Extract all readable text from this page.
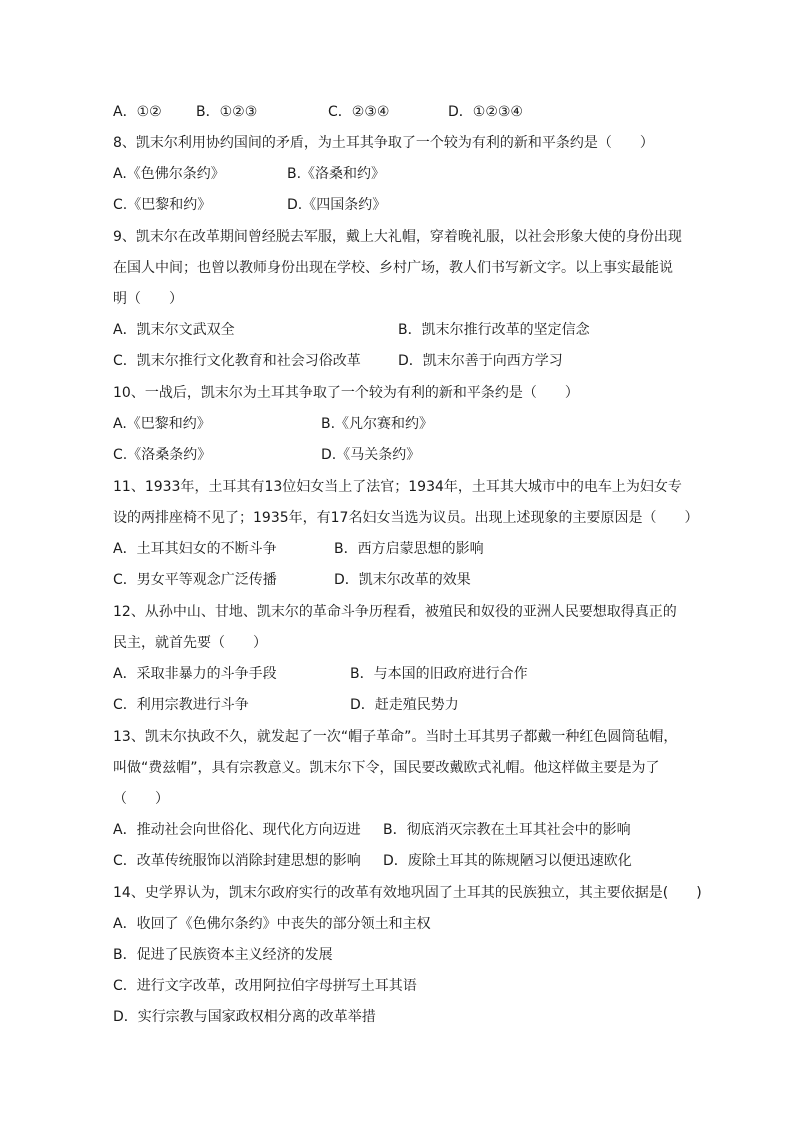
A．①② B．①②③	C．②③④	D．①②③④
8、凯末尔利用协约国间的矛盾，为土耳其争取了一个较为有利的新和平条约是（　　）
A.《色佛尔条约》	B.《洛桑和约》
C.《巴黎和约》	D.《四国条约》
9、凯末尔在改革期间曾经脱去军服，戴上大礼帽，穿着晚礼服，以社会形象大使的身份出现
在国人中间；也曾以教师身份出现在学校、乡村广场，教人们书写新文字。以上事实最能说
明（　　）
A．凯末尔文武双全	B．凯末尔推行改革的坚定信念
C．凯末尔推行文化教育和社会习俗改革	D．凯末尔善于向西方学习
10、一战后，凯末尔为土耳其争取了一个较为有利的新和平条约是（　　）
A.《巴黎和约》	B.《凡尔赛和约》
C.《洛桑条约》	D.《马关条约》
11、1933年，土耳其有13位妇女当上了法官；1934年，土耳其大城市中的电车上为妇女专
设的两排座椅不见了；1935年，有17名妇女当选为议员。出现上述现象的主要原因是（　　）
A．土耳其妇女的不断斗争	B．西方启蒙思想的影响
C．男女平等观念广泛传播	D．凯末尔改革的效果
12、从孙中山、甘地、凯末尔的革命斗争历程看，被殖民和奴役的亚洲人民要想取得真正的
民主，就首先要（　　）
A．采取非暴力的斗争手段	B．与本国的旧政府进行合作
C．利用宗教进行斗争	D．赶走殖民势力
13、凯末尔执政不久，就发起了一次“帽子革命”。当时土耳其男子都戴一种红色圆筒毡帽，
叫做“费兹帽”，具有宗教意义。凯末尔下令，国民要改戴欧式礼帽。他这样做主要是为了
（　　）
A．推动社会向世俗化、现代化方向迈进 B．彻底消灭宗教在土耳其社会中的影响
C．改革传统服饰以消除封建思想的影响 D．废除土耳其的陈规陋习以便迅速欧化
14、史学界认为，凯末尔政府实行的改革有效地巩固了土耳其的民族独立，其主要依据是(　　)
A．收回了《色佛尔条约》中丧失的部分领土和主权
B．促进了民族资本主义经济的发展
C．进行文字改革，改用阿拉伯字母拼写土耳其语
D．实行宗教与国家政权相分离的改革举措
